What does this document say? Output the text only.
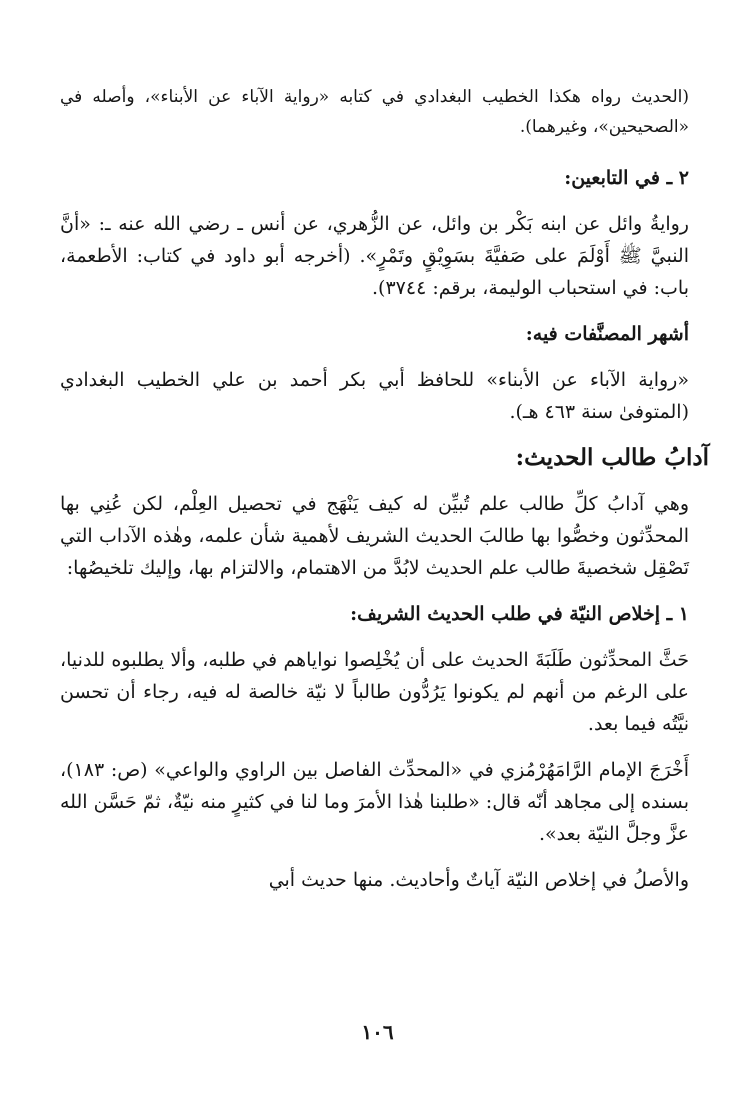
(الحديث رواه هكذا الخطيب البغدادي في كتابه «رواية الآباء عن الأبناء»، وأصله في «الصحيحين»، وغيرهما).

٢ ـ في التابعين:

روايةُ وائل عن ابنه بَكْر بن وائل، عن الزُّهري، عن أنس ـ رضي الله عنه ـ: «أنَّ النبيَّ ﷺ أَوْلَمَ على صَفيَّةَ بسَوِيْقٍ وتَمْرٍ». (أخرجه أبو داود في كتاب: الأطعمة، باب: في استحباب الوليمة، برقم: ٣٧٤٤).

أشهر المصنَّفات فيه:

«رواية الآباء عن الأبناء» للحافظ أبي بكر أحمد بن علي الخطيب البغدادي (المتوفىٰ سنة ٤٦٣ هـ).

آدابُ طالب الحديث:

وهي آدابُ كلِّ طالب علم تُبيِّن له كيف يَنْهَج في تحصيل العِلْم، لكن عُنِي بها المحدِّثون وخصُّوا بها طالبَ الحديث الشريف لأهمية شأن علمه، وهٰذه الآداب التي تَصْقِل شخصيةَ طالب علم الحديث لابُدَّ من الاهتمام، والالتزام بها، وإليك تلخيصُها:

١ ـ إخلاص النيّة في طلب الحديث الشريف:

حَثَّ المحدِّثون طَلَبَةَ الحديث على أن يُخْلِصوا نواياهم في طلبه، وألا يطلبوه للدنيا، على الرغم من أنهم لم يكونوا يَرُدُّون طالباً لا نيّة خالصة له فيه، رجاء أن تحسن نيَّتُه فيما بعد.

أَخْرَجَ الإمام الرَّامَهُرْمُزي في «المحدِّث الفاصل بين الراوي والواعي» (ص: ١٨٣)، بسنده إلى مجاهد أنّه قال: «طلبنا هٰذا الأمرَ وما لنا في كثيرٍ منه نيّةٌ، ثمّ حَسَّن الله عزَّ وجلَّ النيّة بعد».

والأصلُ في إخلاص النيّة آياتٌ وأحاديث. منها حديث أبي

١٠٦
